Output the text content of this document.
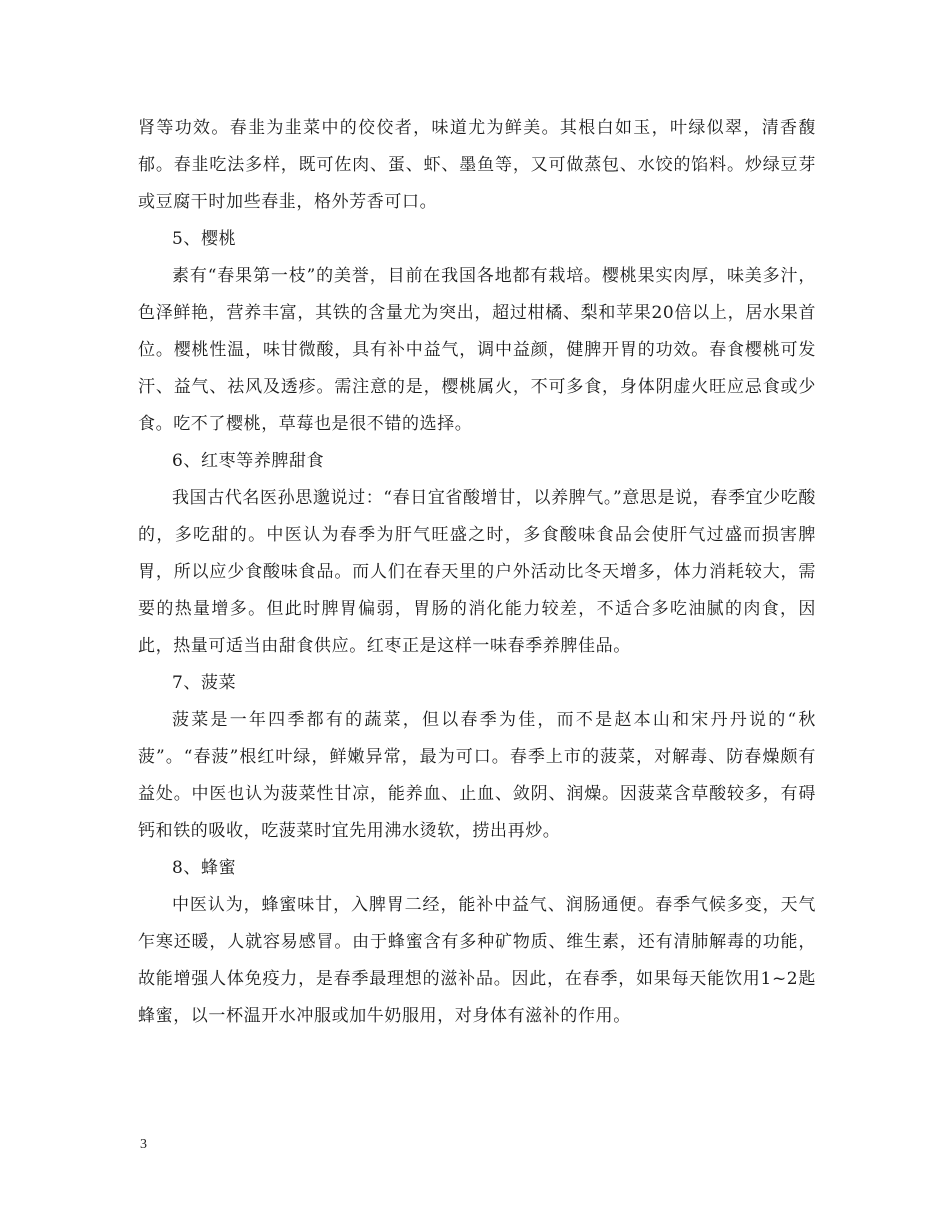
肾等功效。春韭为韭菜中的佼佼者，味道尤为鲜美。其根白如玉，叶绿似翠，清香馥郁。春韭吃法多样，既可佐肉、蛋、虾、墨鱼等，又可做蒸包、水饺的馅料。炒绿豆芽或豆腐干时加些春韭，格外芳香可口。

5、樱桃

素有“春果第一枝”的美誉，目前在我国各地都有栽培。樱桃果实肉厚，味美多汁，色泽鲜艳，营养丰富，其铁的含量尤为突出，超过柑橘、梨和苹果20倍以上，居水果首位。樱桃性温，味甘微酸，具有补中益气，调中益颜，健脾开胃的功效。春食樱桃可发汗、益气、祛风及透疹。需注意的是，樱桃属火，不可多食，身体阴虚火旺应忌食或少食。吃不了樱桃，草莓也是很不错的选择。

6、红枣等养脾甜食

我国古代名医孙思邈说过：“春日宜省酸增甘，以养脾气。”意思是说，春季宜少吃酸的，多吃甜的。中医认为春季为肝气旺盛之时，多食酸味食品会使肝气过盛而损害脾胃，所以应少食酸味食品。而人们在春天里的户外活动比冬天增多，体力消耗较大，需要的热量增多。但此时脾胃偏弱，胃肠的消化能力较差，不适合多吃油腻的肉食，因此，热量可适当由甜食供应。红枣正是这样一味春季养脾佳品。

7、菠菜

菠菜是一年四季都有的蔬菜，但以春季为佳，而不是赵本山和宋丹丹说的“秋菠”。“春菠”根红叶绿，鲜嫩异常，最为可口。春季上市的菠菜，对解毒、防春燥颇有益处。中医也认为菠菜性甘凉，能养血、止血、敛阴、润燥。因菠菜含草酸较多，有碍钙和铁的吸收，吃菠菜时宜先用沸水烫软，捞出再炒。

8、蜂蜜

中医认为，蜂蜜味甘，入脾胃二经，能补中益气、润肠通便。春季气候多变，天气乍寒还暖，人就容易感冒。由于蜂蜜含有多种矿物质、维生素，还有清肺解毒的功能，故能增强人体免疫力，是春季最理想的滋补品。因此，在春季，如果每天能饮用1~2匙蜂蜜，以一杯温开水冲服或加牛奶服用，对身体有滋补的作用。

3
